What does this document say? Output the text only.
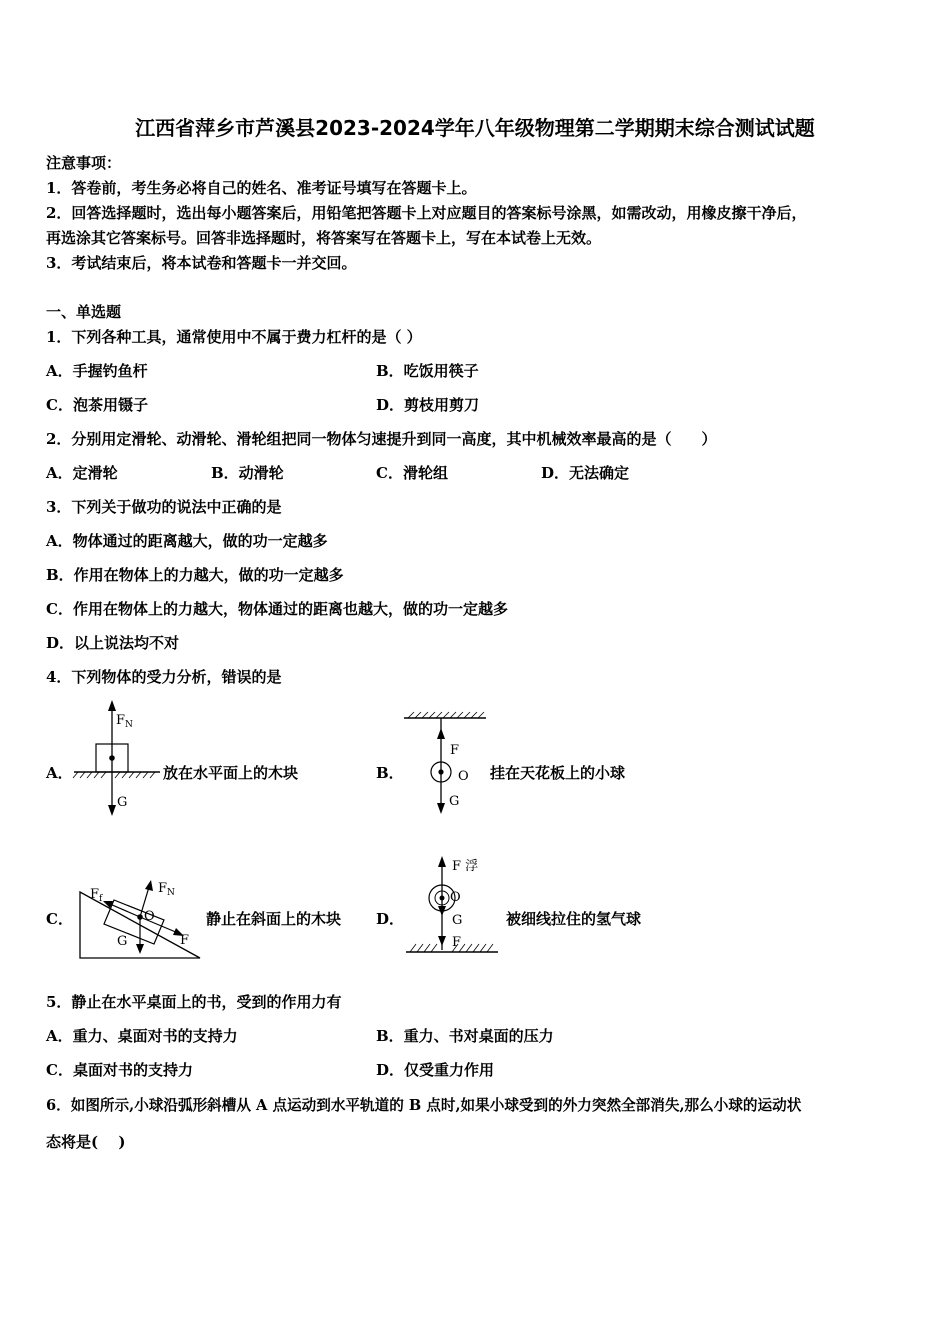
江西省萍乡市芦溪县2023-2024学年八年级物理第二学期期末综合测试试题
注意事项：
1．答卷前，考生务必将自己的姓名、准考证号填写在答题卡上。
2．回答选择题时，选出每小题答案后，用铅笔把答题卡上对应题目的答案标号涂黑，如需改动，用橡皮擦干净后，
再选涂其它答案标号。回答非选择题时，将答案写在答题卡上，写在本试卷上无效。
3．考试结束后，将本试卷和答题卡一并交回。
一、单选题
1．下列各种工具，通常使用中不属于费力杠杆的是（ ）
A．手握钓鱼杆	B．吃饭用筷子
C．泡茶用镊子	D．剪枝用剪刀
2．分别用定滑轮、动滑轮、滑轮组把同一物体匀速提升到同一高度，其中机械效率最高的是（　　）
A．定滑轮	B．动滑轮	C．滑轮组	D．无法确定
3．下列关于做功的说法中正确的是
A．物体通过的距离越大，做的功一定越多
B．作用在物体上的力越大，做的功一定越多
C．作用在物体上的力越大，物体通过的距离也越大，做的功一定越多
D．以上说法均不对
4．下列物体的受力分析，错误的是
A．
F N
G
放在水平面上的木块	B．
F
O
G
挂在天花板上的小球
C．
F f
F N
O
G	F
静止在斜面上的木块 D．
F 浮
O
G
F
被细线拉住的氢气球
5．静止在水平桌面上的书，受到的作用力有
A．重力、桌面对书的支持力	B．重力、书对桌面的压力
C．桌面对书的支持力	D．仅受重力作用
6．如图所示,小球沿弧形斜槽从 A 点运动到水平轨道的 B 点时,如果小球受到的外力突然全部消失,那么小球的运动状
态将是(　 )
